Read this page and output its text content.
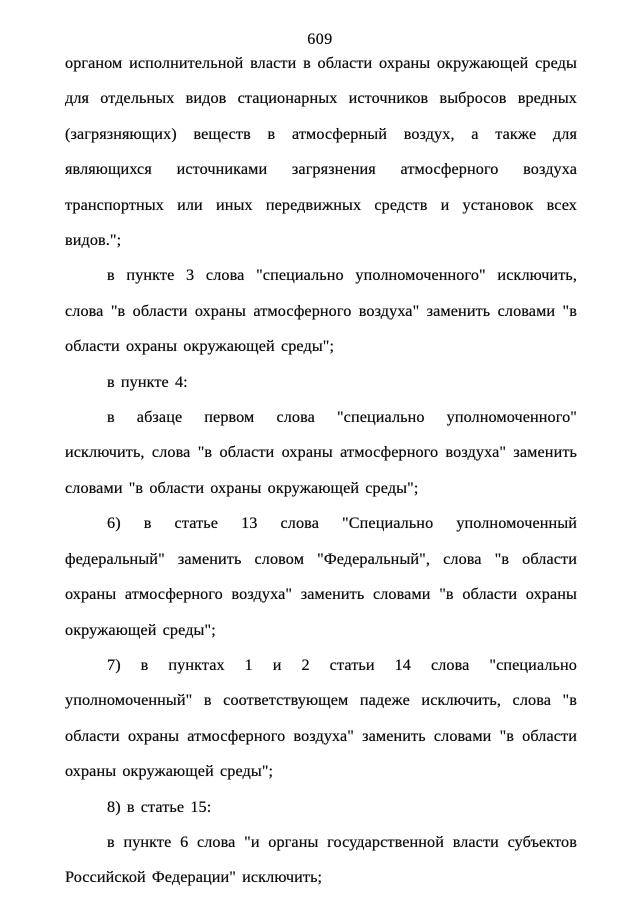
609

органом исполнительной власти в области охраны окружающей среды для отдельных видов стационарных источников выбросов вредных (загрязняющих) веществ в атмосферный воздух, а также для являющихся источниками загрязнения атмосферного воздуха транспортных или иных передвижных средств и установок всех видов.";

в пункте 3 слова "специально уполномоченного" исключить, слова "в области охраны атмосферного воздуха" заменить словами "в области охраны окружающей среды";

в пункте 4:

в абзаце первом слова "специально уполномоченного" исключить, слова "в области охраны атмосферного воздуха" заменить словами "в области охраны окружающей среды";

6) в статье 13 слова "Специально уполномоченный федеральный" заменить словом "Федеральный", слова "в области охраны атмосферного воздуха" заменить словами "в области охраны окружающей среды";

7) в пунктах 1 и 2 статьи 14 слова "специально уполномоченный" в соответствующем падеже исключить, слова "в области охраны атмосферного воздуха" заменить словами "в области охраны окружающей среды";

8) в статье 15:

в пункте 6 слова "и органы государственной власти субъектов Российской Федерации" исключить;
